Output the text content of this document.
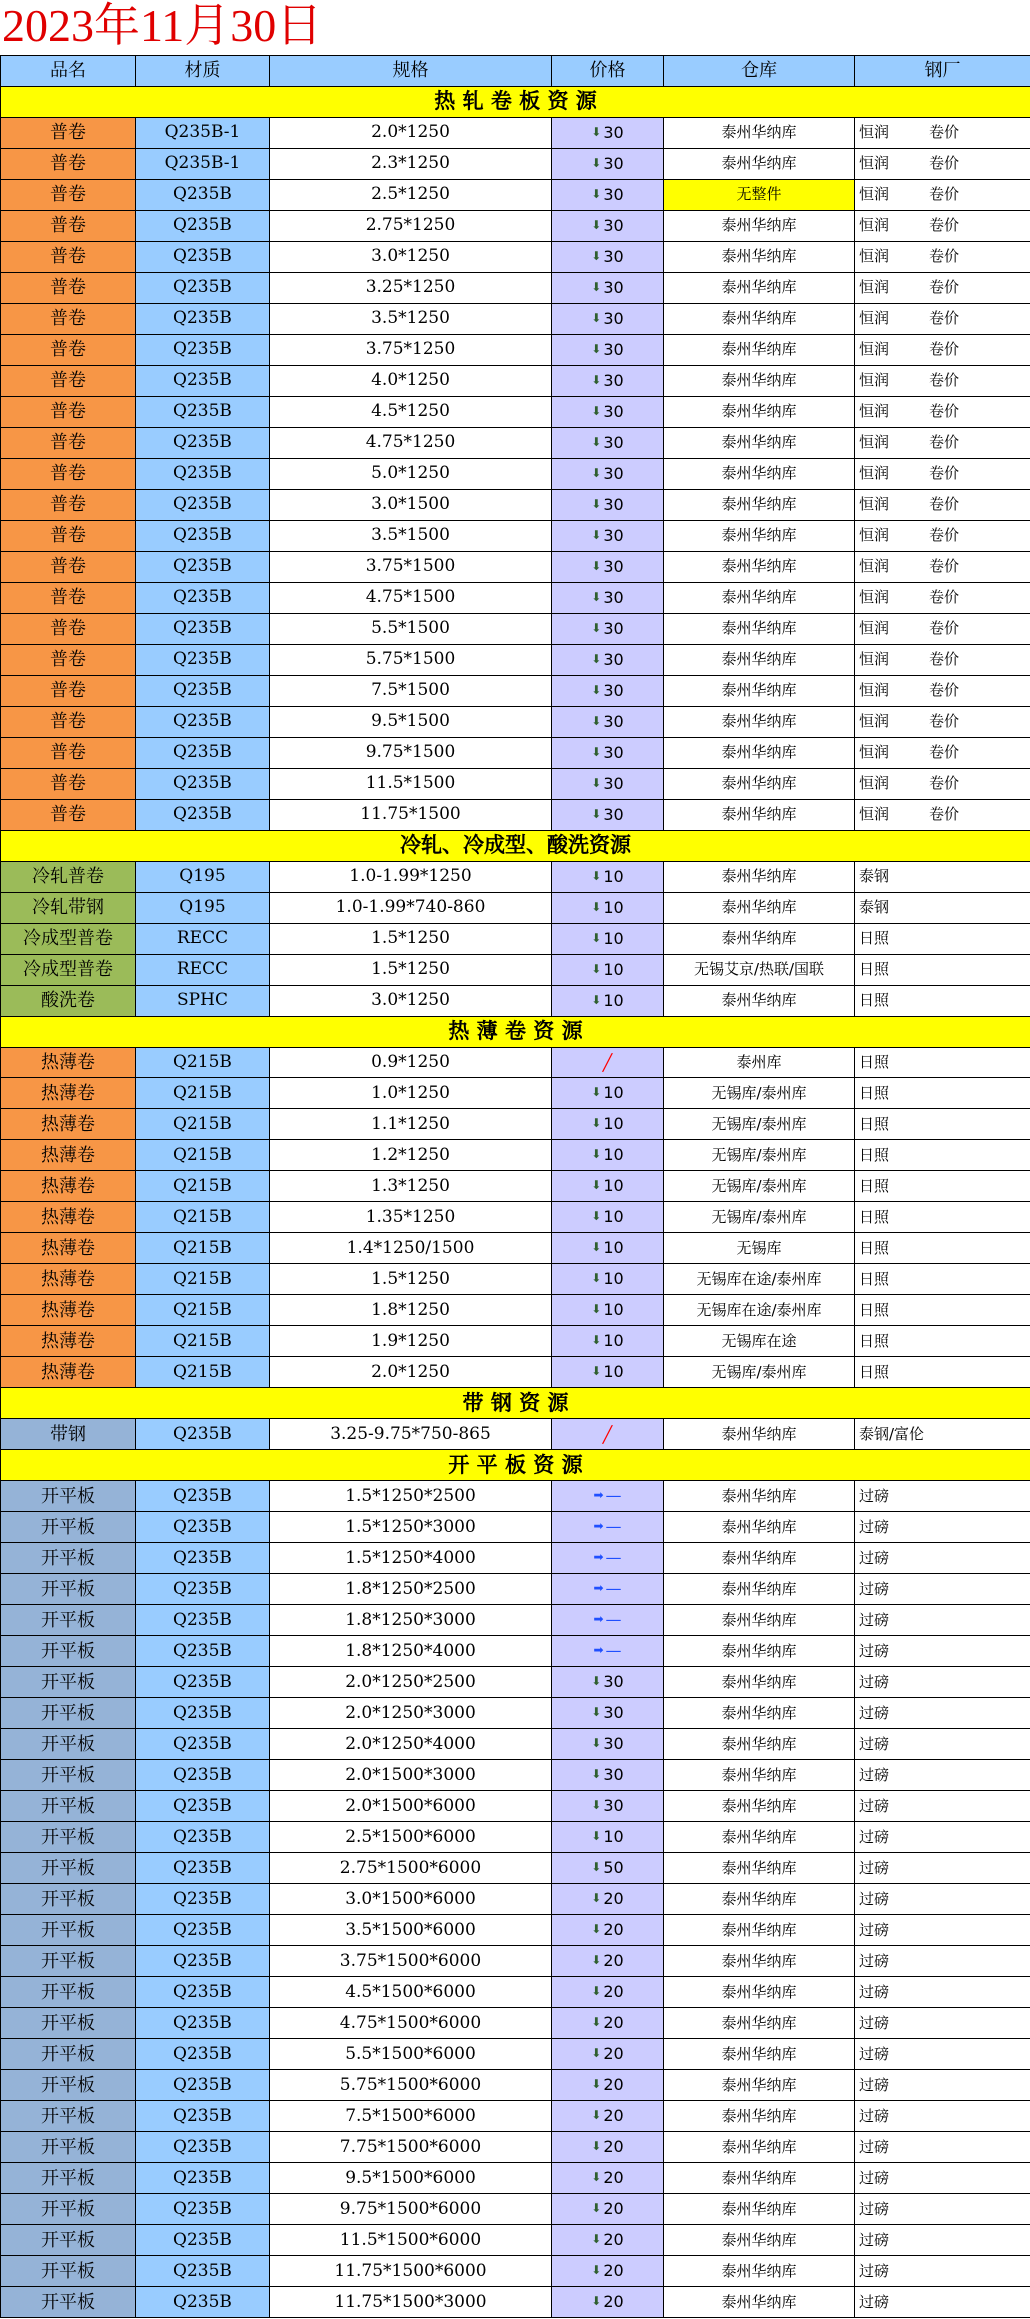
2023年11月30日
品名	材质	规格	价格	仓库	钢厂
热 轧 卷 板 资 源					
普卷	Q235B-1	2.0*1250	⬇ 30	泰州华纳库	恒润 卷价
普卷	Q235B-1	2.3*1250	⬇ 30	泰州华纳库	恒润 卷价
普卷	Q235B	2.5*1250	⬇ 30	无整件	恒润 卷价
普卷	Q235B	2.75*1250	⬇ 30	泰州华纳库	恒润 卷价
普卷	Q235B	3.0*1250	⬇ 30	泰州华纳库	恒润 卷价
普卷	Q235B	3.25*1250	⬇ 30	泰州华纳库	恒润 卷价
普卷	Q235B	3.5*1250	⬇ 30	泰州华纳库	恒润 卷价
普卷	Q235B	3.75*1250	⬇ 30	泰州华纳库	恒润 卷价
普卷	Q235B	4.0*1250	⬇ 30	泰州华纳库	恒润 卷价
普卷	Q235B	4.5*1250	⬇ 30	泰州华纳库	恒润 卷价
普卷	Q235B	4.75*1250	⬇ 30	泰州华纳库	恒润 卷价
普卷	Q235B	5.0*1250	⬇ 30	泰州华纳库	恒润 卷价
普卷	Q235B	3.0*1500	⬇ 30	泰州华纳库	恒润 卷价
普卷	Q235B	3.5*1500	⬇ 30	泰州华纳库	恒润 卷价
普卷	Q235B	3.75*1500	⬇ 30	泰州华纳库	恒润 卷价
普卷	Q235B	4.75*1500	⬇ 30	泰州华纳库	恒润 卷价
普卷	Q235B	5.5*1500	⬇ 30	泰州华纳库	恒润 卷价
普卷	Q235B	5.75*1500	⬇ 30	泰州华纳库	恒润 卷价
普卷	Q235B	7.5*1500	⬇ 30	泰州华纳库	恒润 卷价
普卷	Q235B	9.5*1500	⬇ 30	泰州华纳库	恒润 卷价
普卷	Q235B	9.75*1500	⬇ 30	泰州华纳库	恒润 卷价
普卷	Q235B	11.5*1500	⬇ 30	泰州华纳库	恒润 卷价
普卷	Q235B	11.75*1500	⬇ 30	泰州华纳库	恒润 卷价
冷轧、冷成型、酸洗资源					
冷轧普卷	Q195	1.0-1.99*1250	⬇ 10	泰州华纳库	泰钢
冷轧带钢	Q195	1.0-1.99*740-860	⬇ 10	泰州华纳库	泰钢
冷成型普卷	RECC	1.5*1250	⬇ 10	泰州华纳库	日照
冷成型普卷	RECC	1.5*1250	⬇ 10	无锡艾京/热联/国联	日照
酸洗卷	SPHC	3.0*1250	⬇ 10	泰州华纳库	日照
热 薄 卷 资 源					
热薄卷	Q215B	0.9*1250	╱	泰州库	日照
热薄卷	Q215B	1.0*1250	⬇ 10	无锡库/泰州库	日照
热薄卷	Q215B	1.1*1250	⬇ 10	无锡库/泰州库	日照
热薄卷	Q215B	1.2*1250	⬇ 10	无锡库/泰州库	日照
热薄卷	Q215B	1.3*1250	⬇ 10	无锡库/泰州库	日照
热薄卷	Q215B	1.35*1250	⬇ 10	无锡库/泰州库	日照
热薄卷	Q215B	1.4*1250/1500	⬇ 10	无锡库	日照
热薄卷	Q215B	1.5*1250	⬇ 10	无锡库在途/泰州库	日照
热薄卷	Q215B	1.8*1250	⬇ 10	无锡库在途/泰州库	日照
热薄卷	Q215B	1.9*1250	⬇ 10	无锡库在途	日照
热薄卷	Q215B	2.0*1250	⬇ 10	无锡库/泰州库	日照
带 钢 资 源					
带钢	Q235B	3.25-9.75*750-865	╱	泰州华纳库	泰钢/富伦
开 平 板 资 源					
开平板	Q235B	1.5*1250*2500	➡ —	泰州华纳库	过磅
开平板	Q235B	1.5*1250*3000	➡ —	泰州华纳库	过磅
开平板	Q235B	1.5*1250*4000	➡ —	泰州华纳库	过磅
开平板	Q235B	1.8*1250*2500	➡ —	泰州华纳库	过磅
开平板	Q235B	1.8*1250*3000	➡ —	泰州华纳库	过磅
开平板	Q235B	1.8*1250*4000	➡ —	泰州华纳库	过磅
开平板	Q235B	2.0*1250*2500	⬇ 30	泰州华纳库	过磅
开平板	Q235B	2.0*1250*3000	⬇ 30	泰州华纳库	过磅
开平板	Q235B	2.0*1250*4000	⬇ 30	泰州华纳库	过磅
开平板	Q235B	2.0*1500*3000	⬇ 30	泰州华纳库	过磅
开平板	Q235B	2.0*1500*6000	⬇ 30	泰州华纳库	过磅
开平板	Q235B	2.5*1500*6000	⬇ 10	泰州华纳库	过磅
开平板	Q235B	2.75*1500*6000	⬇ 50	泰州华纳库	过磅
开平板	Q235B	3.0*1500*6000	⬇ 20	泰州华纳库	过磅
开平板	Q235B	3.5*1500*6000	⬇ 20	泰州华纳库	过磅
开平板	Q235B	3.75*1500*6000	⬇ 20	泰州华纳库	过磅
开平板	Q235B	4.5*1500*6000	⬇ 20	泰州华纳库	过磅
开平板	Q235B	4.75*1500*6000	⬇ 20	泰州华纳库	过磅
开平板	Q235B	5.5*1500*6000	⬇ 20	泰州华纳库	过磅
开平板	Q235B	5.75*1500*6000	⬇ 20	泰州华纳库	过磅
开平板	Q235B	7.5*1500*6000	⬇ 20	泰州华纳库	过磅
开平板	Q235B	7.75*1500*6000	⬇ 20	泰州华纳库	过磅
开平板	Q235B	9.5*1500*6000	⬇ 20	泰州华纳库	过磅
开平板	Q235B	9.75*1500*6000	⬇ 20	泰州华纳库	过磅
开平板	Q235B	11.5*1500*6000	⬇ 20	泰州华纳库	过磅
开平板	Q235B	11.75*1500*6000	⬇ 20	泰州华纳库	过磅
开平板	Q235B	11.75*1500*3000	⬇ 20	泰州华纳库	过磅
